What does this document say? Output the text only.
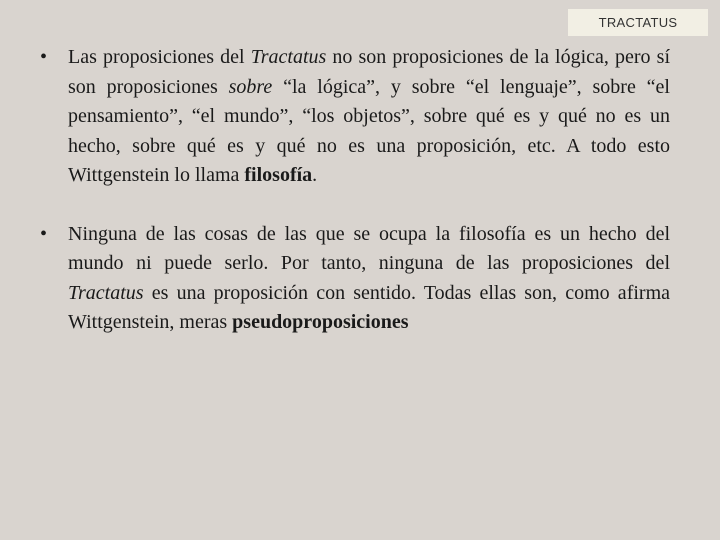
TRACTATUS
• Las proposiciones del Tractatus no son proposiciones de la lógica, pero sí son proposiciones sobre “la lógica”, y sobre “el lenguaje”, sobre “el pensamiento”, “el mundo”, “los objetos”, sobre qué es y qué no es un hecho, sobre qué es y qué no es una proposición, etc. A todo esto Wittgenstein lo llama filosofía.
• Ninguna de las cosas de las que se ocupa la filosofía es un hecho del mundo ni puede serlo. Por tanto, ninguna de las proposiciones del Tractatus es una proposición con sentido. Todas ellas son, como afirma Wittgenstein, meras pseudoproposiciones
